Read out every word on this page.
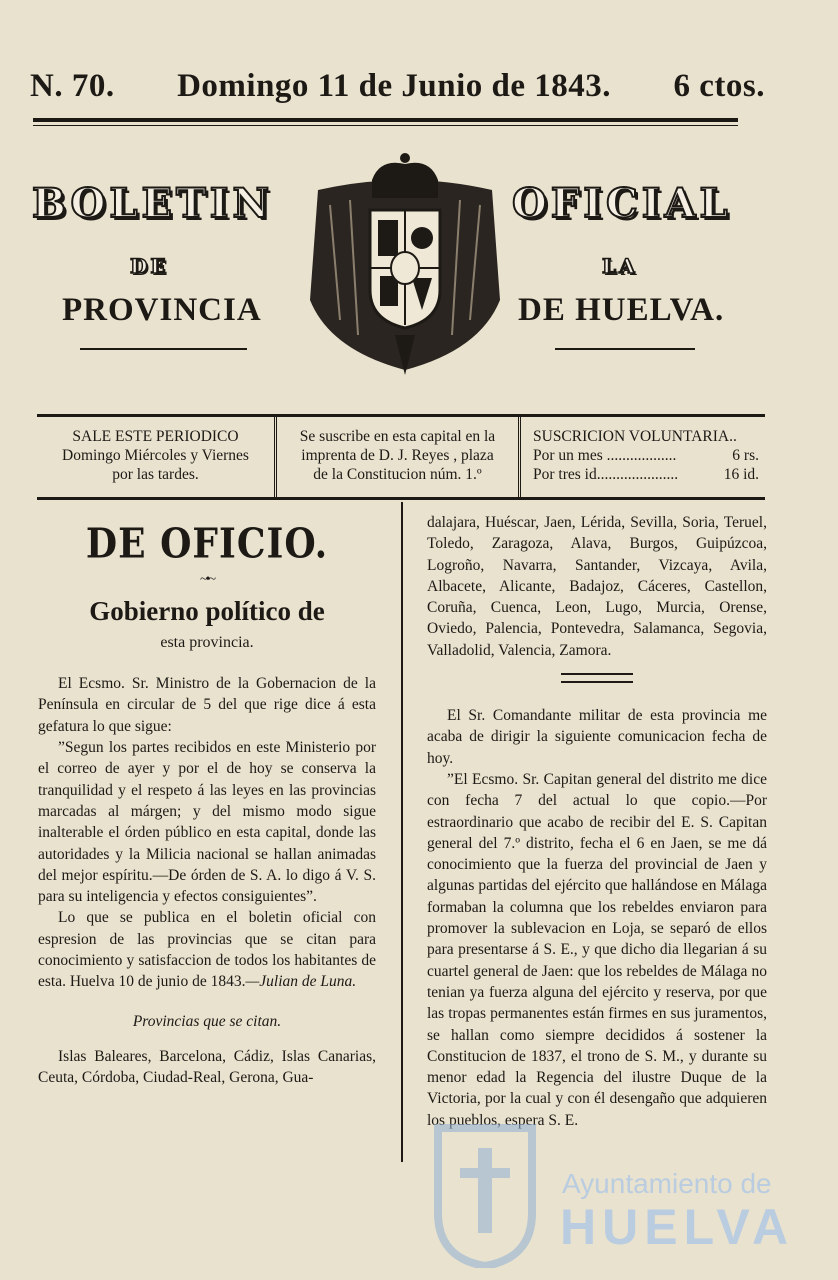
N. 70. Domingo 11 de Junio de 1843. 6 ctos.
BOLETIN	OFICIAL
DE	LA
PROVINCIA	DE HUELVA.
SALE ESTE PERIODICO
Domingo Miércoles y Viernes
por las tardes.
Se suscribe en esta capital en la
imprenta de D. J. Reyes , plaza
de la Constitucion núm. 1.º
SUSCRICION VOLUNTARIA..
Por un mes ..................	6 rs.
Por tres id.....................	16 id.
DE OFICIO.
~•~
Gobierno político de
esta provincia.

El Ecsmo. Sr. Ministro de la Gobernacion de la Península en circular de 5 del que rige dice á esta gefatura lo que sigue:

”Segun los partes recibidos en este Ministerio por el correo de ayer y por el de hoy se conserva la tranquilidad y el respeto á las leyes en las provincias marcadas al márgen; y del mismo modo sigue inalterable el órden público en esta capital, donde las autoridades y la Milicia nacional se hallan animadas del mejor espíritu.—De órden de S. A. lo digo á V. S. para su inteligencia y efectos consiguientes”.

Lo que se publica en el boletin oficial con espresion de las provincias que se citan para conocimiento y satisfaccion de todos los habitantes de esta. Huelva 10 de junio de 1843.—Julian de Luna.

Provincias que se citan.

Islas Baleares, Barcelona, Cádiz, Islas Canarias, Ceuta, Córdoba, Ciudad-Real, Gerona, Gua-

dalajara, Huéscar, Jaen, Lérida, Sevilla, Soria, Teruel, Toledo, Zaragoza, Alava, Burgos, Guipúzcoa, Logroño, Navarra, Santander, Vizcaya, Avila, Albacete, Alicante, Badajoz, Cáceres, Castellon, Coruña, Cuenca, Leon, Lugo, Murcia, Orense, Oviedo, Palencia, Pontevedra, Salamanca, Segovia, Valladolid, Valencia, Zamora.

El Sr. Comandante militar de esta provincia me acaba de dirigir la siguiente comunicacion fecha de hoy.

”El Ecsmo. Sr. Capitan general del distrito me dice con fecha 7 del actual lo que copio.—Por estraordinario que acabo de recibir del E. S. Capitan general del 7.º distrito, fecha el 6 en Jaen, se me dá conocimiento que la fuerza del provincial de Jaen y algunas partidas del ejército que hallándose en Málaga formaban la columna que los rebeldes enviaron para promover la sublevacion en Loja, se separó de ellos para presentarse á S. E., y que dicho dia llegarian á su cuartel general de Jaen: que los rebeldes de Málaga no tenian ya fuerza alguna del ejército y reserva, por que las tropas permanentes están firmes en sus juramentos, se hallan como siempre decididos á sostener la Constitucion de 1837, el trono de S. M., y durante su menor edad la Regencia del ilustre Duque de la Victoria, por la cual y con él desengaño que adquieren los pueblos, espera S. E.

Ayuntamiento de
HUELVA
